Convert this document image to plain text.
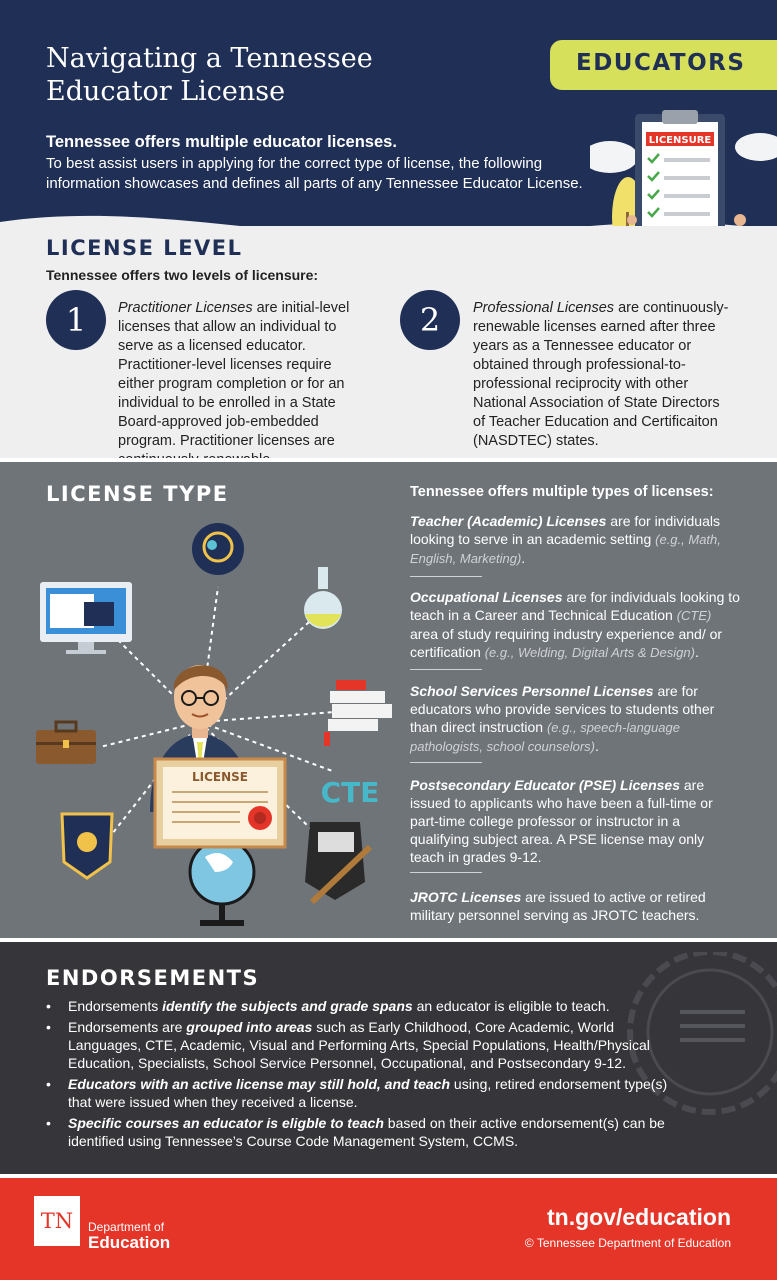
Navigating a Tennessee
Educator License
EDUCATORS
Tennessee offers multiple educator licenses.
To best assist users in applying for the correct type of license, the following information showcases and defines all parts of any Tennessee Educator License.
LICENSURE
LICENSE LEVEL
Tennessee offers two levels of licensure:
1	Practitioner Licenses are initial-level licenses that allow an individual to serve as a licensed educator. Practitioner-level licenses require either program completion or for an individual to be enrolled in a State Board-approved job-embedded program. Practitioner licenses are
2	Professional Licenses are continuously-renewable licenses earned after three years as a Tennessee educator or obtained through professional-to-professional reciprocity with other National Association of State Directors of Teacher Education and Certificaiton (NASDTEC) states.
LICENSE TYPE	Tennessee offers multiple types of licenses:
CTE
LICENSE
Teacher (Academic) Licenses are for individuals looking to serve in an academic setting (e.g., Math, English, Marketing).
Occupational Licenses are for individuals looking to teach in a Career and Technical Education (CTE) area of study requiring industry experience and/ or certification (e.g., Welding, Digital Arts & Design).
School Services Personnel Licenses are for educators who provide services to students other than direct instruction (e.g., speech-language pathologists, school counselors).
Postsecondary Educator (PSE) Licenses are issued to applicants who have been a full-time or part-time college professor or instructor in a qualifying subject area. A PSE license may only teach in grades 9-12.
JROTC Licenses are issued to active or retired military personnel serving as JROTC teachers.
ENDORSEMENTS
• Endorsements identify the subjects and grade spans an educator is eligible to teach.
• Endorsements are grouped into areas such as Early Childhood, Core Academic, World Languages, CTE, Academic, Visual and Performing Arts, Special Populations, Health/Physical Education, Specialists, School Service Personnel, Occupational, and Postsecondary 9-12.
• Educators with an active license may still hold, and teach using, retired endorsement type(s) that were issued when they received a license.
• Specific courses an educator is eligble to teach based on their active endorsement(s) can be identified using Tennessee’s Course Code Management System, CCMS.
TN	Department of
Education
tn.gov/education
© Tennessee Department of Education
